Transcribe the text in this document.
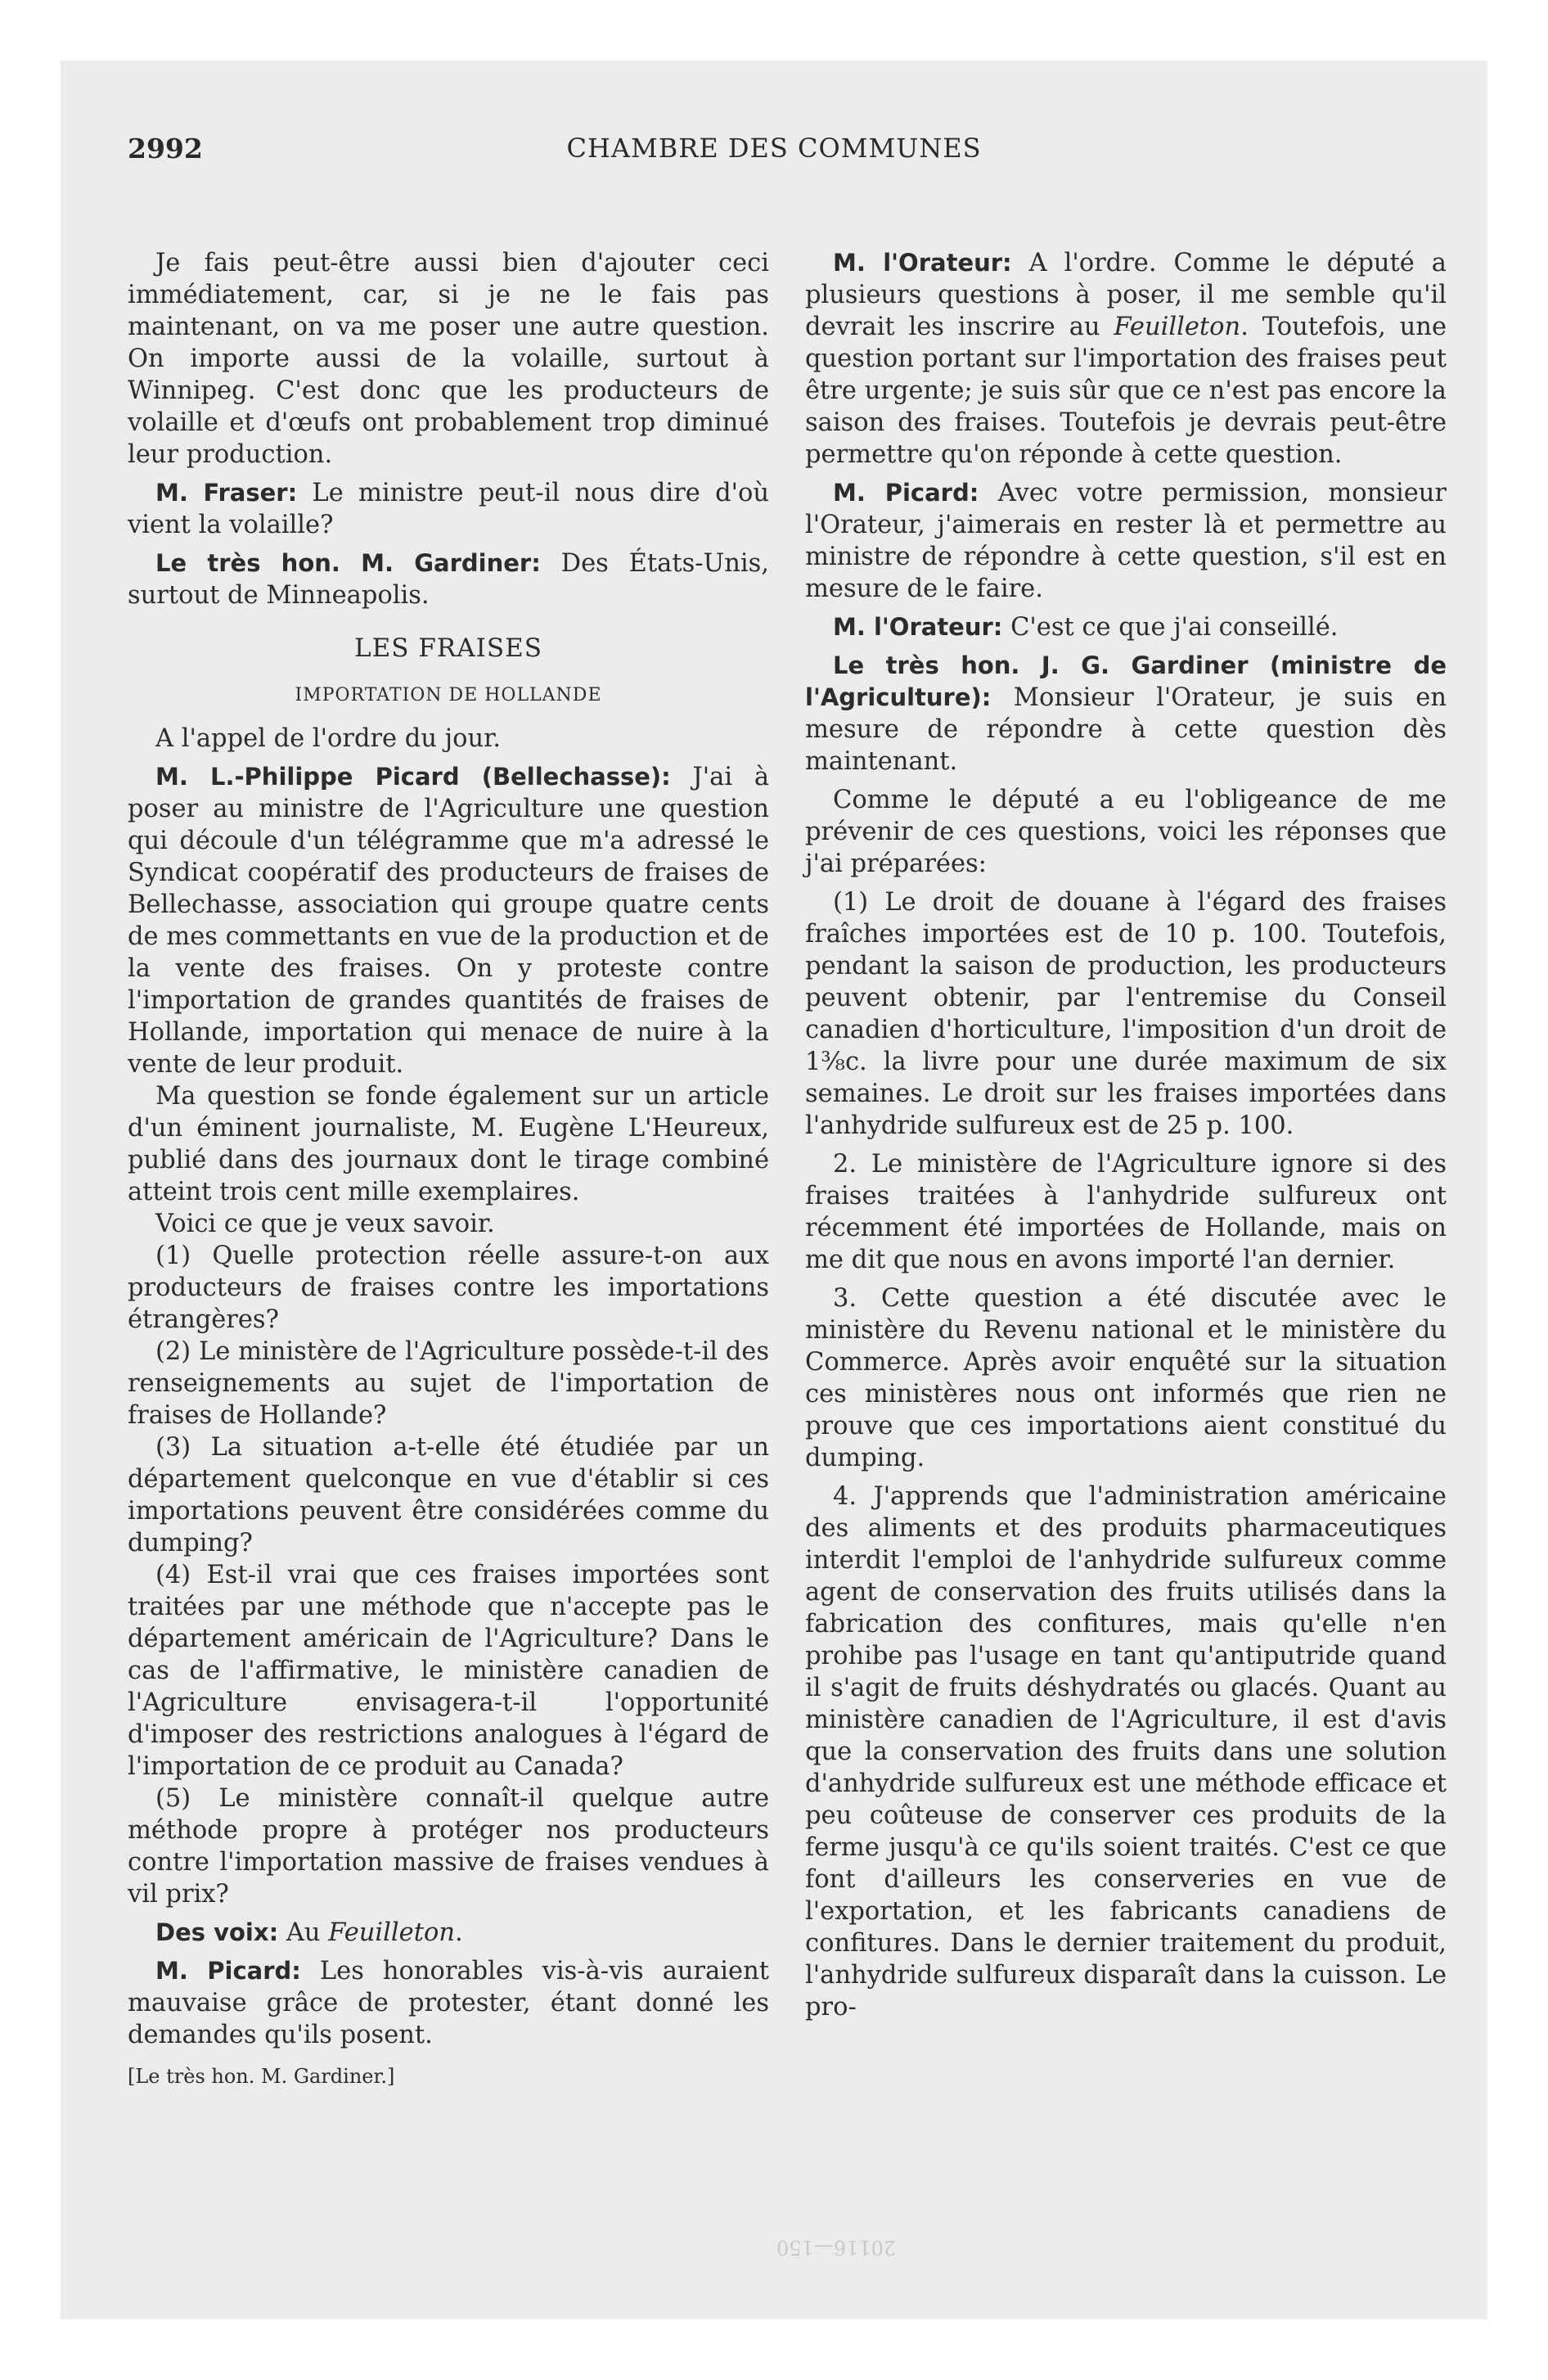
2992	CHAMBRE DES COMMUNES

Je fais peut-être aussi bien d'ajouter ceci immédiatement, car, si je ne le fais pas maintenant, on va me poser une autre question. On importe aussi de la volaille, surtout à Winnipeg. C'est donc que les producteurs de volaille et d'œufs ont probablement trop diminué leur production.

M. Fraser: Le ministre peut-il nous dire d'où vient la volaille?

Le très hon. M. Gardiner: Des États-Unis, surtout de Minneapolis.

LES FRAISES

IMPORTATION DE HOLLANDE

A l'appel de l'ordre du jour.

M. L.-Philippe Picard (Bellechasse): J'ai à poser au ministre de l'Agriculture une question qui découle d'un télégramme que m'a adressé le Syndicat coopératif des producteurs de fraises de Bellechasse, association qui groupe quatre cents de mes commettants en vue de la production et de la vente des fraises. On y proteste contre l'importation de grandes quantités de fraises de Hollande, importation qui menace de nuire à la vente de leur produit.

Ma question se fonde également sur un article d'un éminent journaliste, M. Eugène L'Heureux, publié dans des journaux dont le tirage combiné atteint trois cent mille exemplaires.

Voici ce que je veux savoir.

(1) Quelle protection réelle assure-t-on aux producteurs de fraises contre les importations étrangères?

(2) Le ministère de l'Agriculture possède-t-il des renseignements au sujet de l'importation de fraises de Hollande?

(3) La situation a-t-elle été étudiée par un département quelconque en vue d'établir si ces importations peuvent être considérées comme du dumping?

(4) Est-il vrai que ces fraises importées sont traitées par une méthode que n'accepte pas le département américain de l'Agriculture? Dans le cas de l'affirmative, le ministère canadien de l'Agriculture envisagera-t-il l'opportunité d'imposer des restrictions analogues à l'égard de l'importation de ce produit au Canada?

(5) Le ministère connaît-il quelque autre méthode propre à protéger nos producteurs contre l'importation massive de fraises vendues à vil prix?

Des voix: Au Feuilleton.

M. Picard: Les honorables vis-à-vis auraient mauvaise grâce de protester, étant donné les demandes qu'ils posent.

[Le très hon. M. Gardiner.]

M. l'Orateur: A l'ordre. Comme le député a plusieurs questions à poser, il me semble qu'il devrait les inscrire au Feuilleton. Toutefois, une question portant sur l'importation des fraises peut être urgente; je suis sûr que ce n'est pas encore la saison des fraises. Toutefois je devrais peut-être permettre qu'on réponde à cette question.

M. Picard: Avec votre permission, monsieur l'Orateur, j'aimerais en rester là et permettre au ministre de répondre à cette question, s'il est en mesure de le faire.

M. l'Orateur: C'est ce que j'ai conseillé.

Le très hon. J. G. Gardiner (ministre de l'Agriculture): Monsieur l'Orateur, je suis en mesure de répondre à cette question dès maintenant.

Comme le député a eu l'obligeance de me prévenir de ces questions, voici les réponses que j'ai préparées:

(1) Le droit de douane à l'égard des fraises fraîches importées est de 10 p. 100. Toutefois, pendant la saison de production, les producteurs peuvent obtenir, par l'entremise du Conseil canadien d'horticulture, l'imposition d'un droit de 1⅜c. la livre pour une durée maximum de six semaines. Le droit sur les fraises importées dans l'anhydride sulfureux est de 25 p. 100.

2. Le ministère de l'Agriculture ignore si des fraises traitées à l'anhydride sulfureux ont récemment été importées de Hollande, mais on me dit que nous en avons importé l'an dernier.

3. Cette question a été discutée avec le ministère du Revenu national et le ministère du Commerce. Après avoir enquêté sur la situation ces ministères nous ont informés que rien ne prouve que ces importations aient constitué du dumping.

4. J'apprends que l'administration américaine des aliments et des produits pharmaceutiques interdit l'emploi de l'anhydride sulfureux comme agent de conservation des fruits utilisés dans la fabrication des confitures, mais qu'elle n'en prohibe pas l'usage en tant qu'antiputride quand il s'agit de fruits déshydratés ou glacés. Quant au ministère canadien de l'Agriculture, il est d'avis que la conservation des fruits dans une solution d'anhydride sulfureux est une méthode efficace et peu coûteuse de conserver ces produits de la ferme jusqu'à ce qu'ils soient traités. C'est ce que font d'ailleurs les conserveries en vue de l'exportation, et les fabricants canadiens de confitures. Dans le dernier traitement du produit, l'anhydride sulfureux disparaît dans la cuisson. Le pro-

20116—150
